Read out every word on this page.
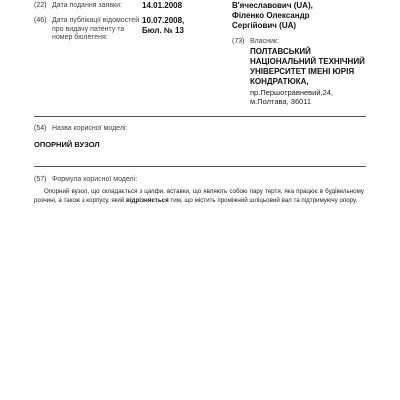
(22) Дата подання заявки:	14.01.2008
(46) Дата публікації відомостей
про видачу патенту та
номер бюлетеня:
10.07.2008,
Бюл. № 13
В'ячеславович (UA),
Філенко Олександр
Сергійович (UA)
(73) Власник:
ПОЛТАВСЬКИЙ
НАЦІОНАЛЬНИЙ ТЕХНІЧНИЙ
УНІВЕРСИТЕТ ІМЕНІ ЮРІЯ
КОНДРАТЮКА,
пр.Першотравневий,24,
м.Полтава, 36011
(54) Назва корисної моделі:
ОПОРНИЙ ВУЗОЛ
(57) Формула корисної моделі:
Опорний вузол, що складається з цапфи, вставки, що являють собою пару тертя, яка працює в будівельному розчині, а також з корпусу, який відрізняється тим, що містить проміжний шліцьовий вал та підтримуючу опору.
